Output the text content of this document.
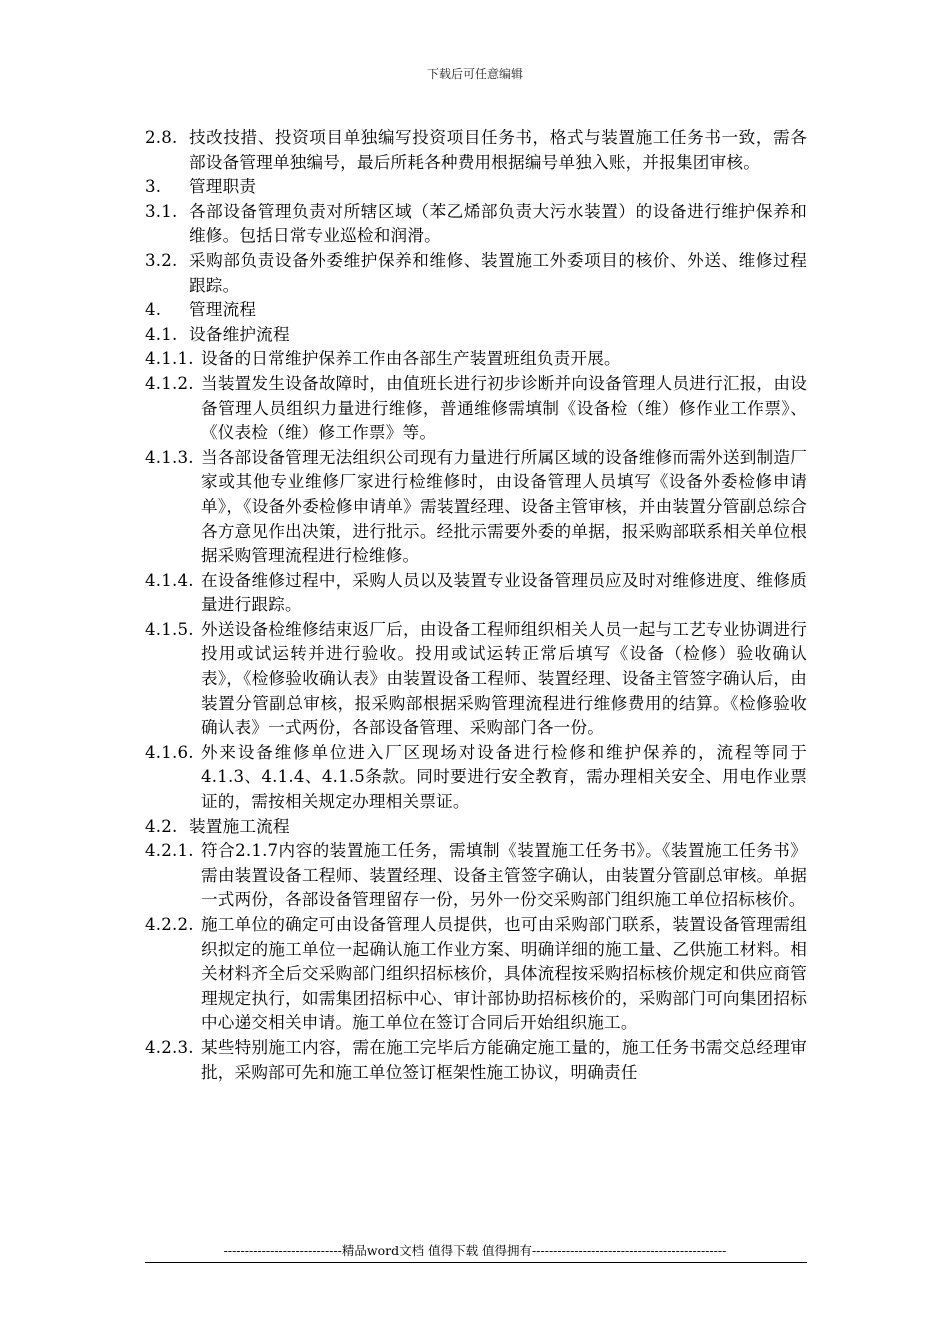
下载后可任意编辑
2.8. 技改技措、投资项目单独编写投资项目任务书，格式与装置施工任务书一致，需各部设备管理单独编号，最后所耗各种费用根据编号单独入账，并报集团审核。
3.	管理职责
3.1. 各部设备管理负责对所辖区域（苯乙烯部负责大污水装置）的设备进行维护保养和维修。包括日常专业巡检和润滑。
3.2. 采购部负责设备外委维护保养和维修、装置施工外委项目的核价、外送、维修过程跟踪。
4.	管理流程
4.1. 设备维护流程
4.1.1. 设备的日常维护保养工作由各部生产装置班组负责开展。
4.1.2. 当装置发生设备故障时，由值班长进行初步诊断并向设备管理人员进行汇报，由设备管理人员组织力量进行维修，普通维修需填制《设备检（维）修作业工作票》、《仪表检（维）修工作票》等。
4.1.3. 当各部设备管理无法组织公司现有力量进行所属区域的设备维修而需外送到制造厂家或其他专业维修厂家进行检维修时，由设备管理人员填写《设备外委检修申请单》，《设备外委检修申请单》需装置经理、设备主管审核，并由装置分管副总综合各方意见作出决策，进行批示。经批示需要外委的单据，报采购部联系相关单位根据采购管理流程进行检维修。
4.1.4. 在设备维修过程中，采购人员以及装置专业设备管理员应及时对维修进度、维修质量进行跟踪。
4.1.5. 外送设备检维修结束返厂后，由设备工程师组织相关人员一起与工艺专业协调进行投用或试运转并进行验收。投用或试运转正常后填写《设备（检修）验收确认表》，《检修验收确认表》由装置设备工程师、装置经理、设备主管签字确认后，由装置分管副总审核，报采购部根据采购管理流程进行维修费用的结算。《检修验收确认表》一式两份，各部设备管理、采购部门各一份。
4.1.6. 外来设备维修单位进入厂区现场对设备进行检修和维护保养的，流程等同于4.1.3、4.1.4、4.1.5条款。同时要进行安全教育，需办理相关安全、用电作业票证的，需按相关规定办理相关票证。
4.2. 装置施工流程
4.2.1. 符合2.1.7内容的装置施工任务，需填制《装置施工任务书》。《装置施工任务书》需由装置设备工程师、装置经理、设备主管签字确认，由装置分管副总审核。单据一式两份，各部设备管理留存一份，另外一份交采购部门组织施工单位招标核价。
4.2.2. 施工单位的确定可由设备管理人员提供，也可由采购部门联系，装置设备管理需组织拟定的施工单位一起确认施工作业方案、明确详细的施工量、乙供施工材料。相关材料齐全后交采购部门组织招标核价，具体流程按采购招标核价规定和供应商管理规定执行，如需集团招标中心、审计部协助招标核价的，采购部门可向集团招标中心递交相关申请。施工单位在签订合同后开始组织施工。
4.2.3. 某些特别施工内容，需在施工完毕后方能确定施工量的，施工任务书需交总经理审批，采购部可先和施工单位签订框架性施工协议，明确责任
----------------------------精品word文档 值得下载 值得拥有----------------------------------------------
